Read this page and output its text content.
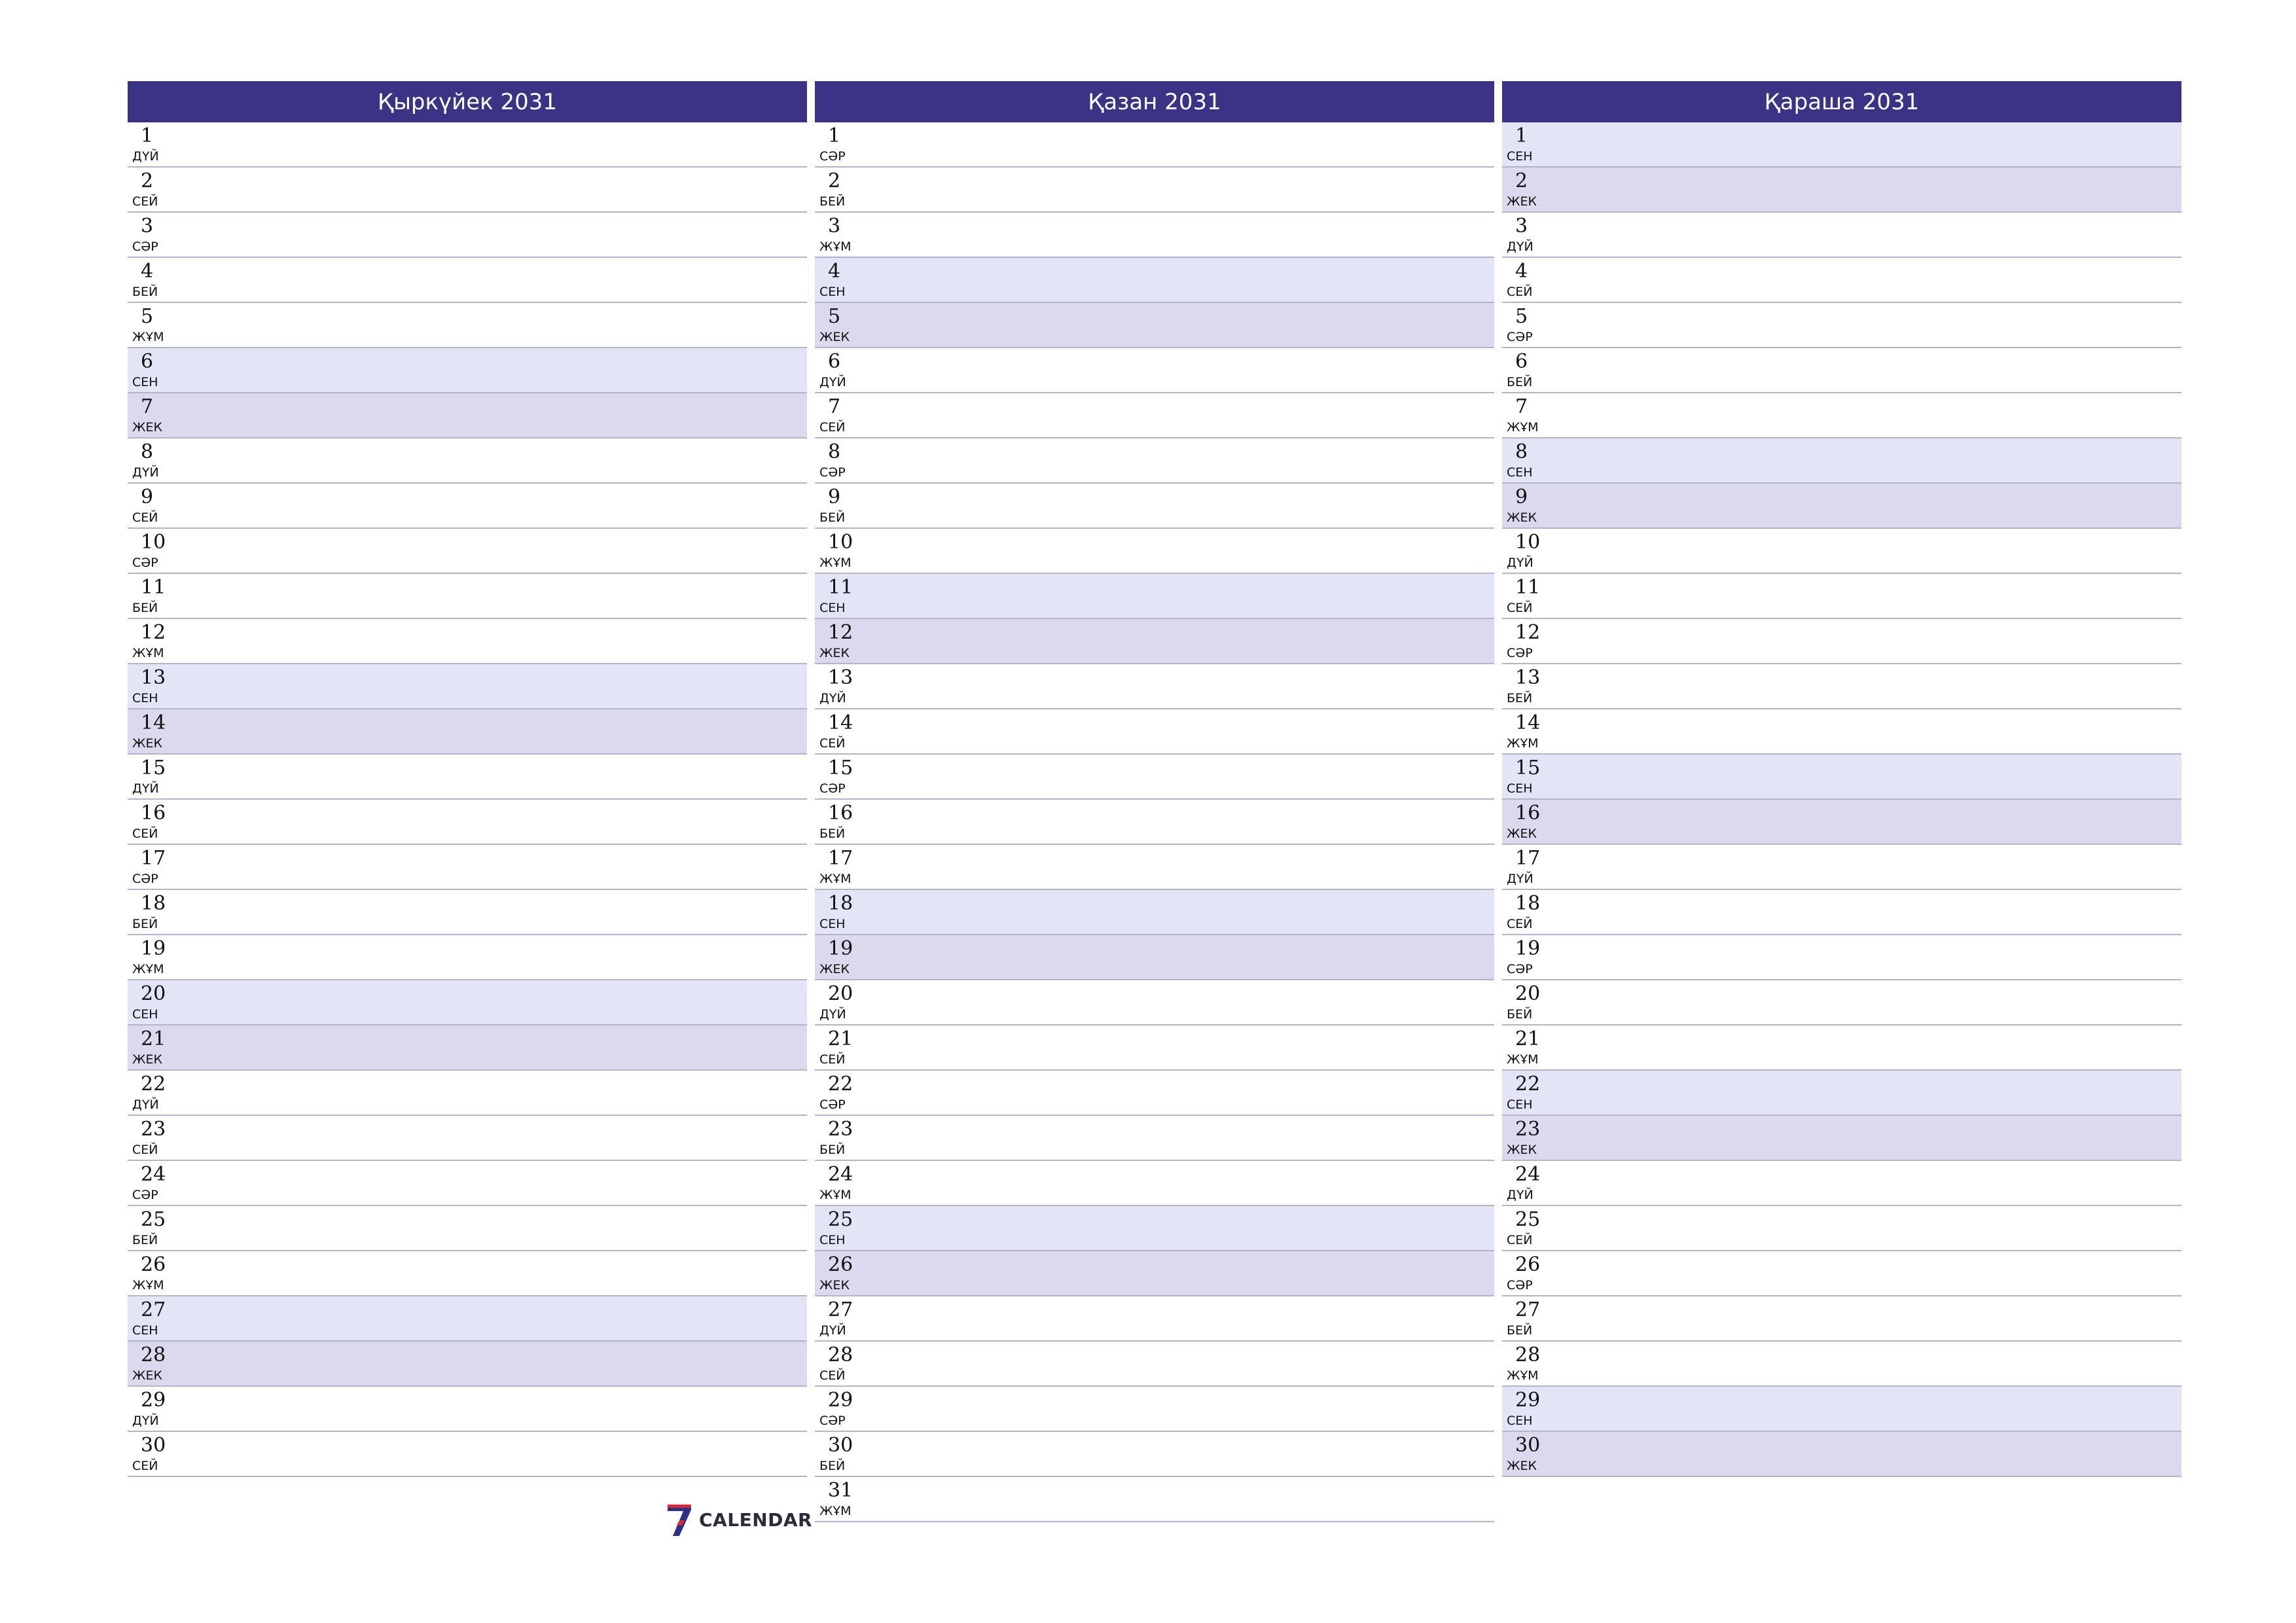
Қыркүйек 2031
1
ДҮЙ
2
СЕЙ
3
СӘР
4
БЕЙ
5
ЖҰМ
6
СЕН
7
ЖЕК
8
ДҮЙ
9
СЕЙ
10
СӘР
11
БЕЙ
12
ЖҰМ
13
СЕН
14
ЖЕК
15
ДҮЙ
16
СЕЙ
17
СӘР
18
БЕЙ
19
ЖҰМ
20
СЕН
21
ЖЕК
22
ДҮЙ
23
СЕЙ
24
СӘР
25
БЕЙ
26
ЖҰМ
27
СЕН
28
ЖЕК
29
ДҮЙ
30
СЕЙ
Қазан 2031
1
СӘР
2
БЕЙ
3
ЖҰМ
4
СЕН
5
ЖЕК
6
ДҮЙ
7
СЕЙ
8
СӘР
9
БЕЙ
10
ЖҰМ
11
СЕН
12
ЖЕК
13
ДҮЙ
14
СЕЙ
15
СӘР
16
БЕЙ
17
ЖҰМ
18
СЕН
19
ЖЕК
20
ДҮЙ
21
СЕЙ
22
СӘР
23
БЕЙ
24
ЖҰМ
25
СЕН
26
ЖЕК
27
ДҮЙ
28
СЕЙ
29
СӘР
30
БЕЙ
31
ЖҰМ
Қараша 2031
1
СЕН
2
ЖЕК
3
ДҮЙ
4
СЕЙ
5
СӘР
6
БЕЙ
7
ЖҰМ
8
СЕН
9
ЖЕК
10
ДҮЙ
11
СЕЙ
12
СӘР
13
БЕЙ
14
ЖҰМ
15
СЕН
16
ЖЕК
17
ДҮЙ
18
СЕЙ
19
СӘР
20
БЕЙ
21
ЖҰМ
22
СЕН
23
ЖЕК
24
ДҮЙ
25
СЕЙ
26
СӘР
27
БЕЙ
28
ЖҰМ
29
СЕН
30
ЖЕК
CALENDAR
